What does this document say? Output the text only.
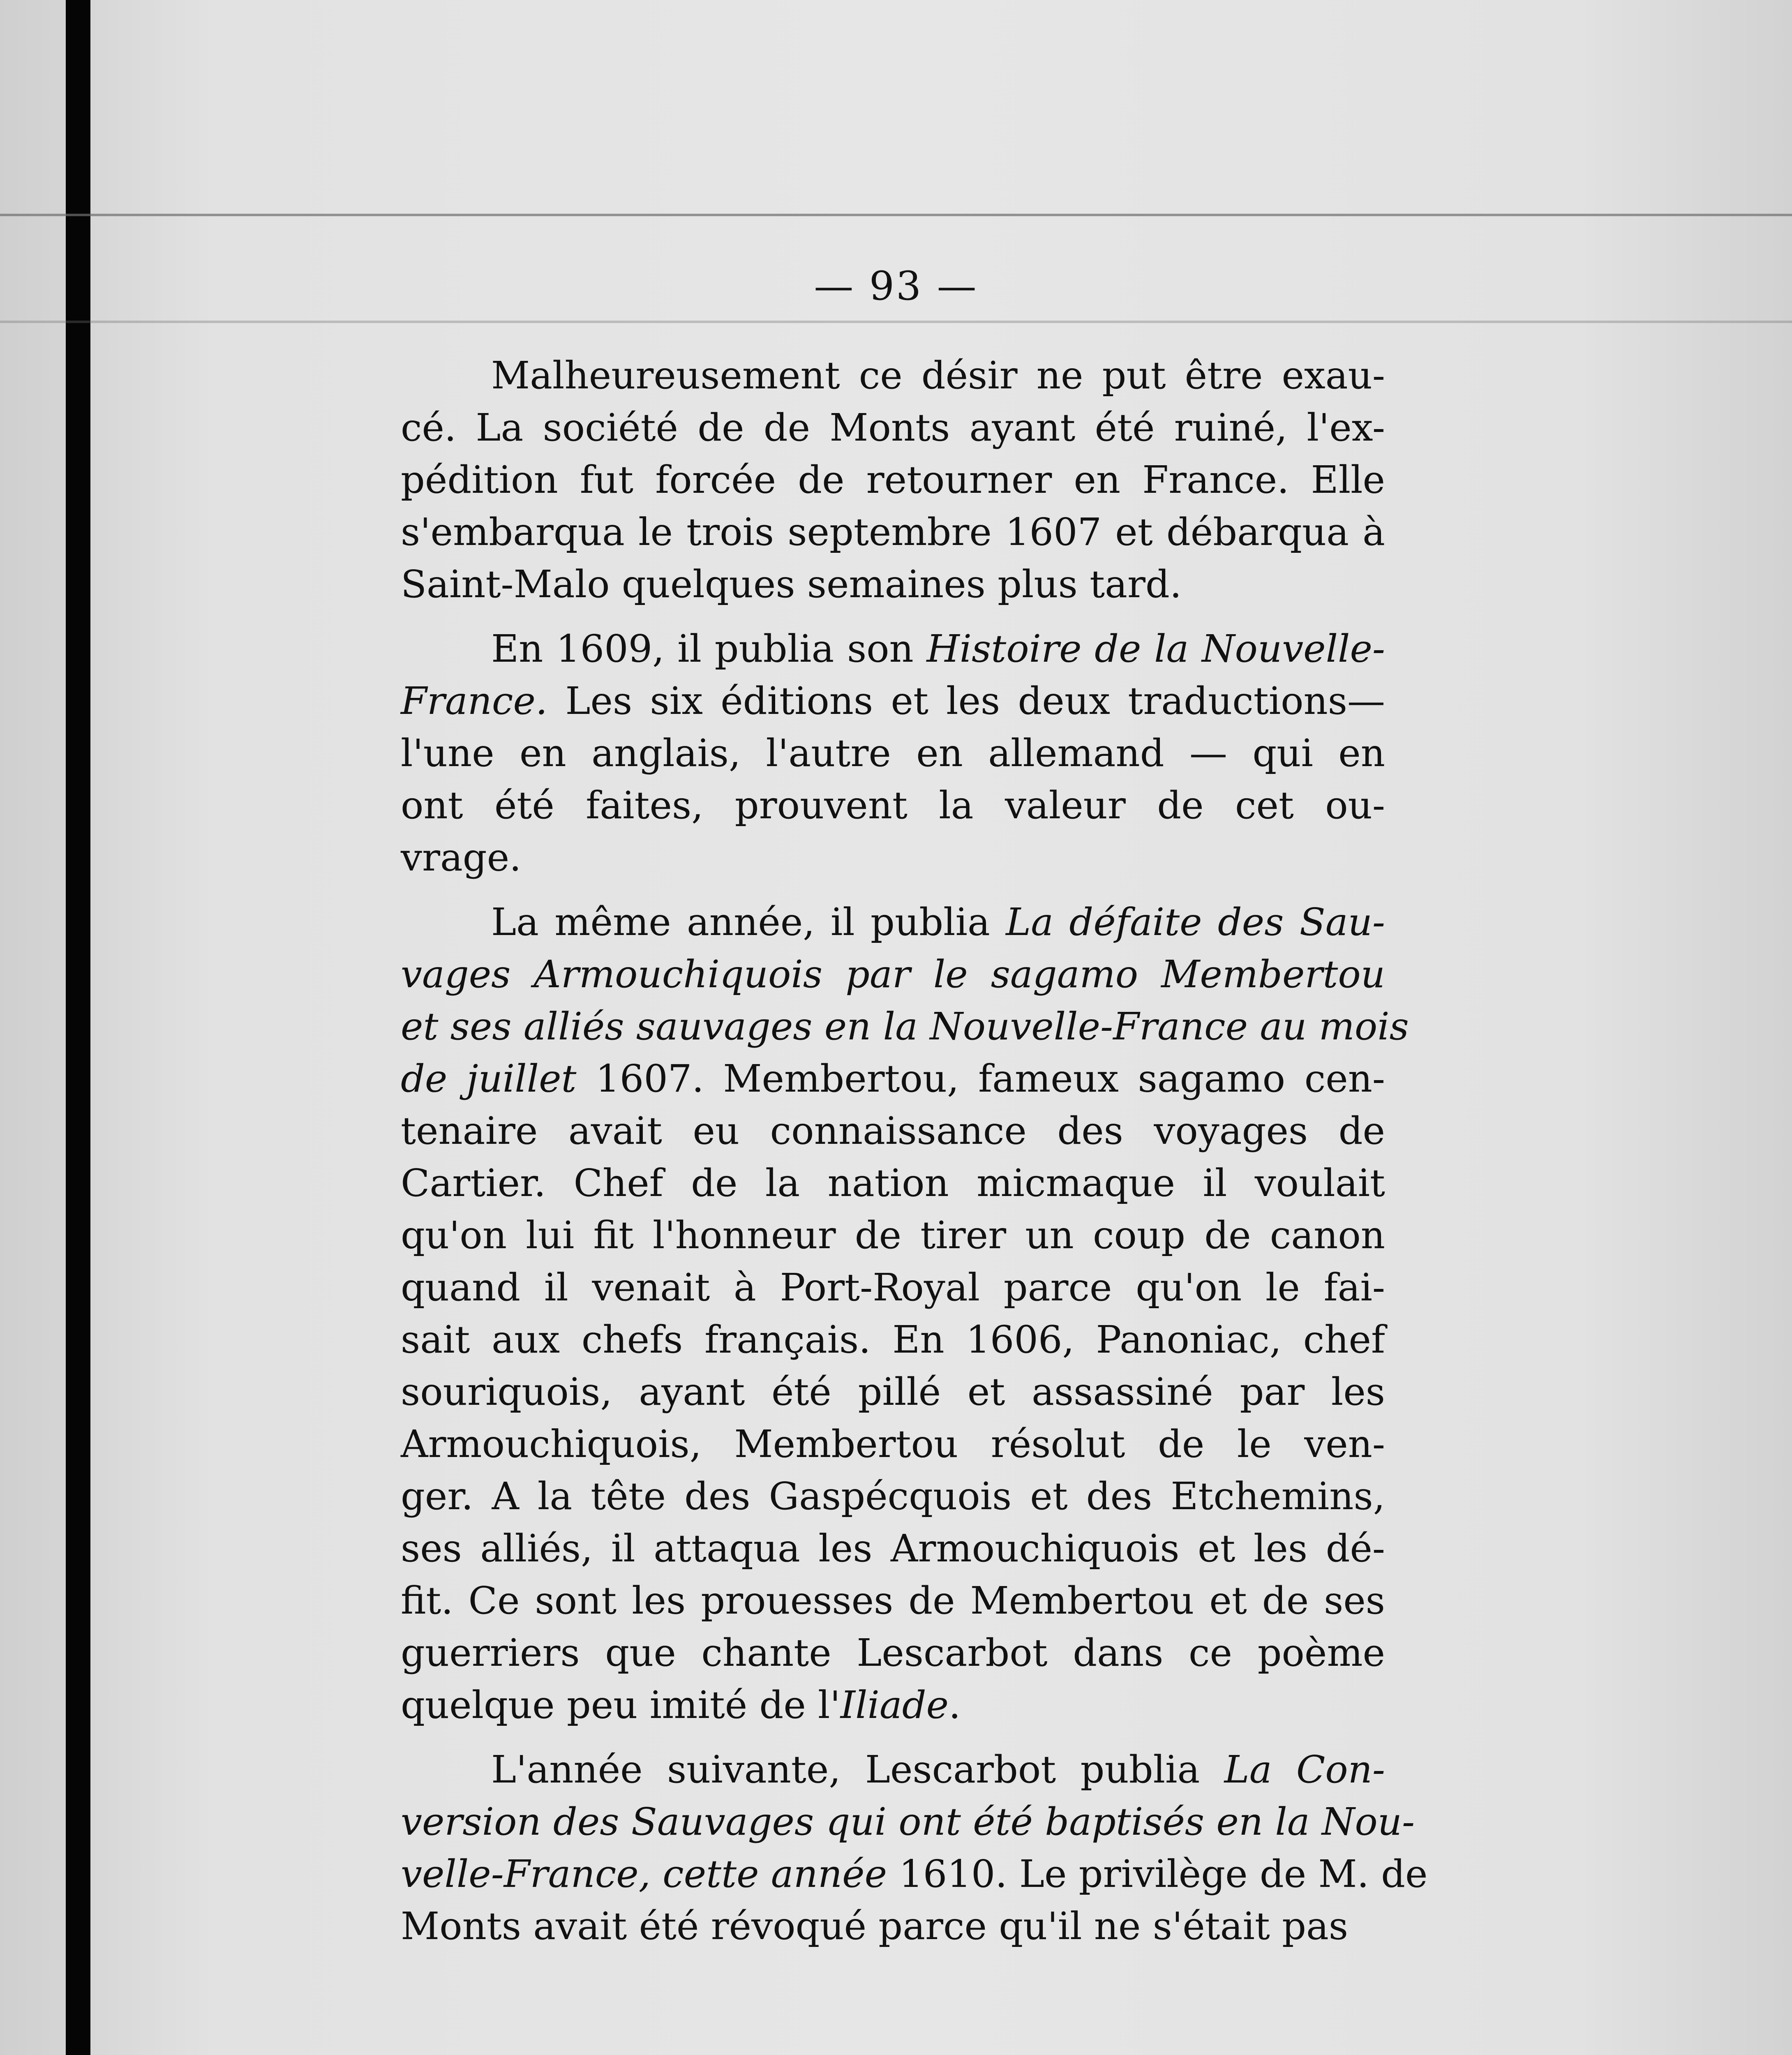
— 93 —
Malheureusement ce désir ne put être exau-
cé. La société de de Monts ayant été ruiné, l'ex-
pédition fut forcée de retourner en France. Elle
s'embarqua le trois septembre 1607 et débarqua à
Saint-Malo quelques semaines plus tard.
En 1609, il publia son Histoire de la Nouvelle-
France. Les six éditions et les deux traductions—
l'une en anglais, l'autre en allemand — qui en
ont été faites, prouvent la valeur de cet ou-
vrage.
La même année, il publia La défaite des Sau-
vages Armouchiquois par le sagamo Membertou
et ses alliés sauvages en la Nouvelle-France au mois
de juillet 1607. Membertou, fameux sagamo cen-
tenaire avait eu connaissance des voyages de
Cartier. Chef de la nation micmaque il voulait
qu'on lui fit l'honneur de tirer un coup de canon
quand il venait à Port-Royal parce qu'on le fai-
sait aux chefs français. En 1606, Panoniac, chef
souriquois, ayant été pillé et assassiné par les
Armouchiquois, Membertou résolut de le ven-
ger. A la tête des Gaspécquois et des Etchemins,
ses alliés, il attaqua les Armouchiquois et les dé-
fit. Ce sont les prouesses de Membertou et de ses
guerriers que chante Lescarbot dans ce poème
quelque peu imité de l'Iliade.
L'année suivante, Lescarbot publia La Con-
version des Sauvages qui ont été baptisés en la Nou-
velle-France, cette année 1610. Le privilège de M. de
Monts avait été révoqué parce qu'il ne s'était pas
